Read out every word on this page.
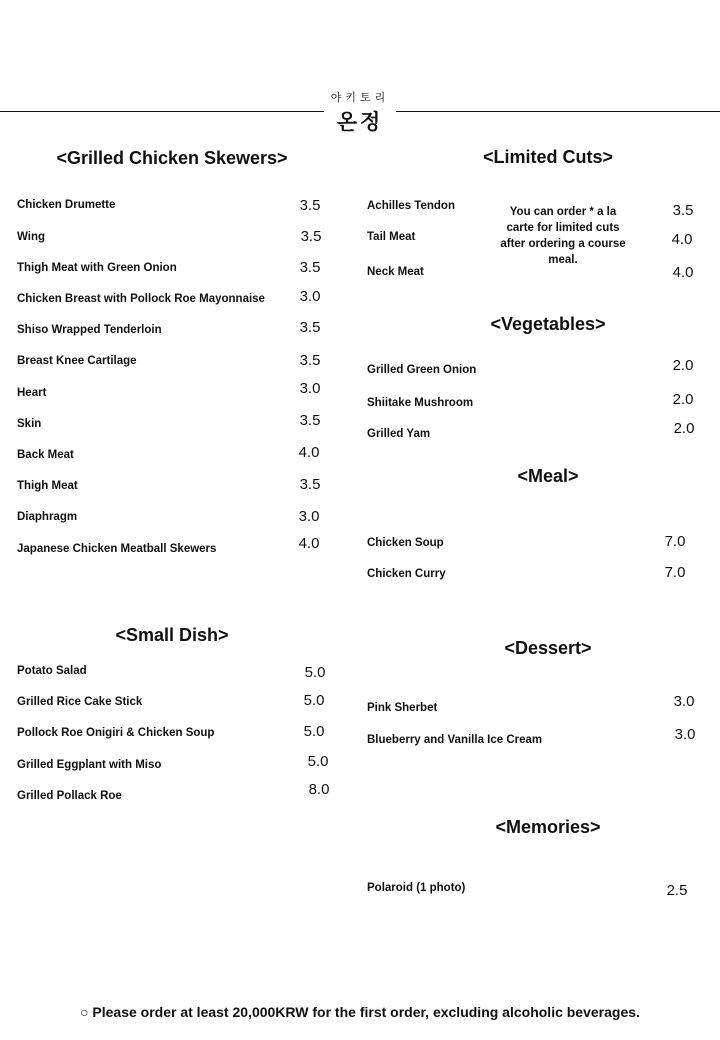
야키토리
온정
<Grilled Chicken Skewers>
Chicken Drumette	3.5
Wing	3.5
Thigh Meat with Green Onion	3.5
Chicken Breast with Pollock Roe Mayonnaise 3.0
Shiso Wrapped Tenderloin	3.5
Breast Knee Cartilage	3.5
Heart	3.0
Skin	3.5
Back Meat	4.0
Thigh Meat	3.5
Diaphragm	3.0
Japanese Chicken Meatball Skewers	4.0
<Small Dish>
Potato Salad	5.0
Grilled Rice Cake Stick	5.0
Pollock Roe Onigiri & Chicken Soup	5.0
Grilled Eggplant with Miso	5.0
Grilled Pollack Roe	8.0
<Limited Cuts>
Achilles Tendon	3.5
Tail Meat	4.0
Neck Meat	4.0
You can order * a la carte for limited cuts after ordering a course meal.
<Vegetables>
Grilled Green Onion	2.0
Shiitake Mushroom	2.0
Grilled Yam	2.0
<Meal>
Chicken Soup	7.0
Chicken Curry	7.0
<Dessert>
Pink Sherbet	3.0
Blueberry and Vanilla Ice Cream	3.0
<Memories>
Polaroid (1 photo)	2.5
○ Please order at least 20,000KRW for the first order, excluding alcoholic beverages.
